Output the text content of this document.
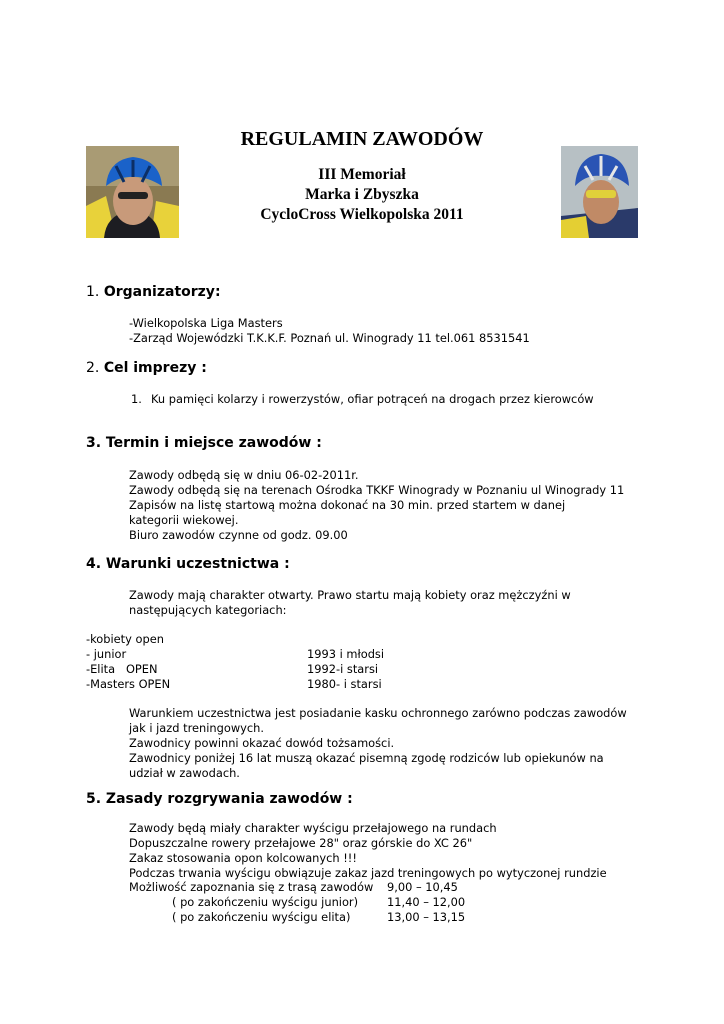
REGULAMIN ZAWODÓW
III Memoriał
Marka i Zbyszka
CycloCross Wielkopolska 2011
1. Organizatorzy:
-Wielkopolska Liga Masters
-Zarząd Wojewódzki T.K.K.F. Poznań ul. Winogrady 11 tel.061 8531541
2. Cel imprezy :
1. Ku pamięci kolarzy i rowerzystów, ofiar potrąceń na drogach przez kierowców
3. Termin i miejsce zawodów :
Zawody odbędą się w dniu 06-02-2011r.
Zawody odbędą się na terenach Ośrodka TKKF Winogrady w Poznaniu ul Winogrady 11
Zapisów na listę startową można dokonać na 30 min. przed startem w danej kategorii wiekowej.
Biuro zawodów czynne od godz. 09.00
4. Warunki uczestnictwa :
Zawody mają charakter otwarty. Prawo startu mają kobiety oraz mężczyźni w następujących kategoriach:
-kobiety open
- junior	1993 i młodsi
-Elita   OPEN	1992-i starsi
-Masters OPEN	1980- i starsi
Warunkiem uczestnictwa jest posiadanie kasku ochronnego zarówno podczas zawodów jak i jazd treningowych.
Zawodnicy powinni okazać dowód tożsamości.
Zawodnicy poniżej 16 lat muszą okazać pisemną zgodę rodziców lub opiekunów na udział w zawodach.
5. Zasady rozgrywania zawodów :
Zawody będą miały charakter wyścigu przełajowego na rundach
Dopuszczalne rowery przełajowe 28" oraz górskie do XC 26"
Zakaz stosowania opon kolcowanych !!!
Podczas trwania wyścigu obwiązuje zakaz jazd treningowych po wytyczonej rundzie
Możliwość zapoznania się z trasą zawodów 9,00 – 10,45
( po zakończeniu wyścigu junior)	11,40 – 12,00
( po zakończeniu wyścigu elita)	13,00 – 13,15
